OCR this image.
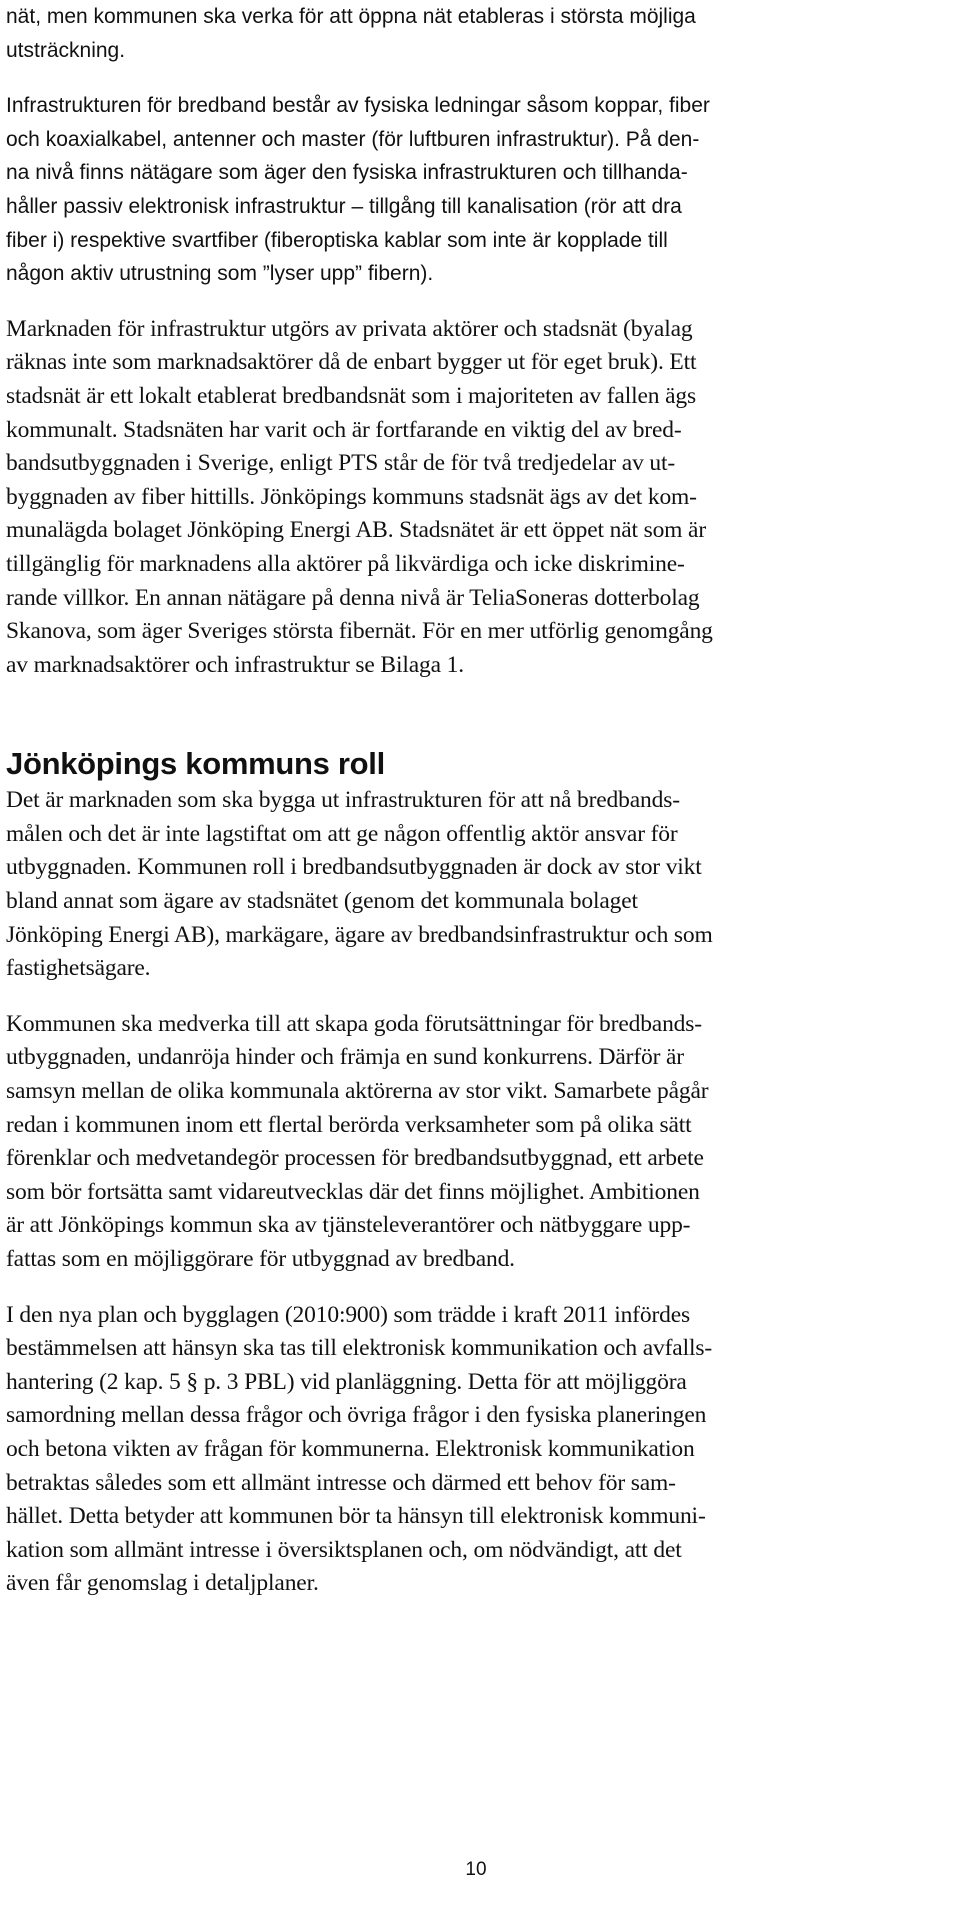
nät, men kommunen ska verka för att öppna nät etableras i största möjliga
utsträckning.

Infrastrukturen för bredband består av fysiska ledningar såsom koppar, fiber
och koaxialkabel, antenner och master (för luftburen infrastruktur). På den-
na nivå finns nätägare som äger den fysiska infrastrukturen och tillhanda-
håller passiv elektronisk infrastruktur – tillgång till kanalisation (rör att dra
fiber i) respektive svartfiber (fiberoptiska kablar som inte är kopplade till
någon aktiv utrustning som ”lyser upp” fibern).

Marknaden för infrastruktur utgörs av privata aktörer och stadsnät (byalag
räknas inte som marknadsaktörer då de enbart bygger ut för eget bruk). Ett
stadsnät är ett lokalt etablerat bredbandsnät som i majoriteten av fallen ägs
kommunalt. Stadsnäten har varit och är fortfarande en viktig del av bred-
bandsutbyggnaden i Sverige, enligt PTS står de för två tredjedelar av ut-
byggnaden av fiber hittills. Jönköpings kommuns stadsnät ägs av det kom-
munalägda bolaget Jönköping Energi AB. Stadsnätet är ett öppet nät som är
tillgänglig för marknadens alla aktörer på likvärdiga och icke diskrimine-
rande villkor. En annan nätägare på denna nivå är TeliaSoneras dotterbolag
Skanova, som äger Sveriges största fibernät. För en mer utförlig genomgång
av marknadsaktörer och infrastruktur se Bilaga 1.

Jönköpings kommuns roll

Det är marknaden som ska bygga ut infrastrukturen för att nå bredbands-
målen och det är inte lagstiftat om att ge någon offentlig aktör ansvar för
utbyggnaden. Kommunen roll i bredbandsutbyggnaden är dock av stor vikt
bland annat som ägare av stadsnätet (genom det kommunala bolaget
Jönköping Energi AB), markägare, ägare av bredbandsinfrastruktur och som
fastighetsägare.

Kommunen ska medverka till att skapa goda förutsättningar för bredbands-
utbyggnaden, undanröja hinder och främja en sund konkurrens. Därför är
samsyn mellan de olika kommunala aktörerna av stor vikt. Samarbete pågår
redan i kommunen inom ett flertal berörda verksamheter som på olika sätt
förenklar och medvetandegör processen för bredbandsutbyggnad, ett arbete
som bör fortsätta samt vidareutvecklas där det finns möjlighet. Ambitionen
är att Jönköpings kommun ska av tjänsteleverantörer och nätbyggare upp-
fattas som en möjliggörare för utbyggnad av bredband.

I den nya plan och bygglagen (2010:900) som trädde i kraft 2011 infördes
bestämmelsen att hänsyn ska tas till elektronisk kommunikation och avfalls-
hantering (2 kap. 5 § p. 3 PBL) vid planläggning. Detta för att möjliggöra
samordning mellan dessa frågor och övriga frågor i den fysiska planeringen
och betona vikten av frågan för kommunerna. Elektronisk kommunikation
betraktas således som ett allmänt intresse och därmed ett behov för sam-
hället. Detta betyder att kommunen bör ta hänsyn till elektronisk kommuni-
kation som allmänt intresse i översiktsplanen och, om nödvändigt, att det
även får genomslag i detaljplaner.

10
